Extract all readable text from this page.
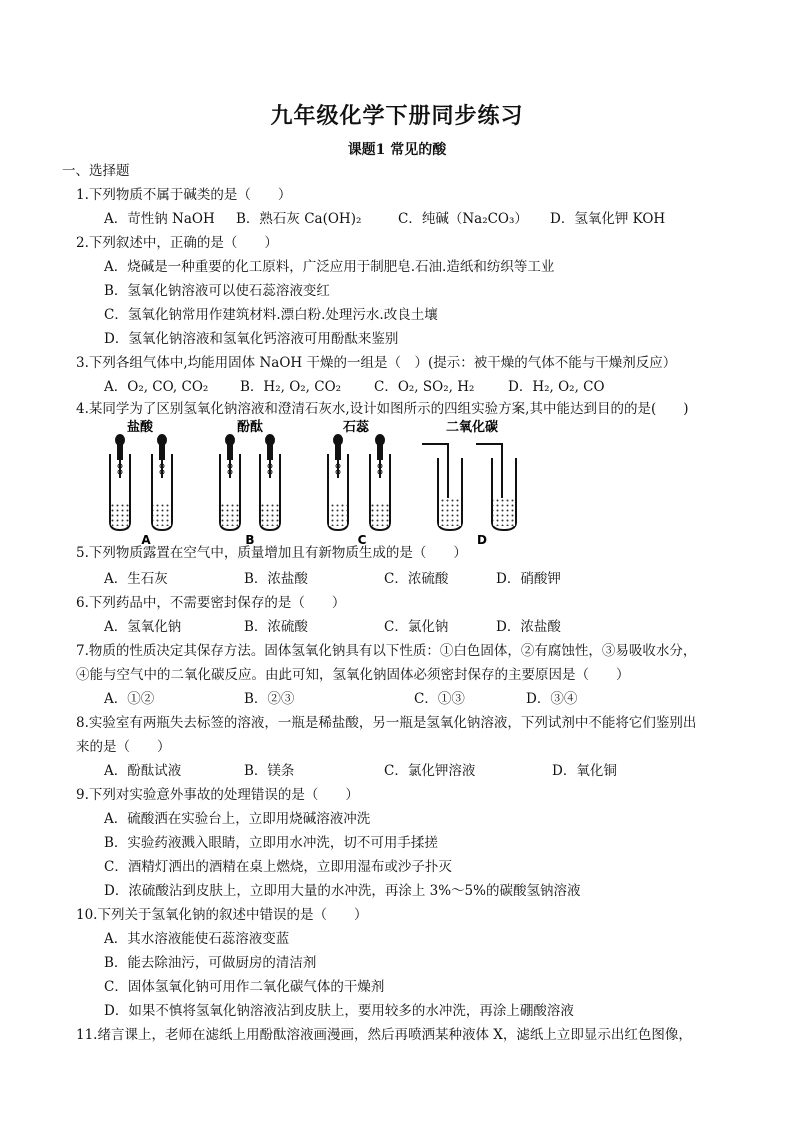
九年级化学下册同步练习
课题1 常见的酸
一、选择题
1.下列物质不属于碱类的是（　　）
A．苛性钠 NaOH B．熟石灰 Ca(OH)₂	C．纯碱（Na₂CO₃） D．氢氧化钾 KOH
2.下列叙述中，正确的是（　　）
A．烧碱是一种重要的化工原料，广泛应用于制肥皂.石油.造纸和纺织等工业
B．氢氧化钠溶液可以使石蕊溶液变红
C．氢氧化钠常用作建筑材料.漂白粉.处理污水.改良土壤
D．氢氧化钠溶液和氢氧化钙溶液可用酚酞来鉴别
3.下列各组气体中,均能用固体 NaOH 干燥的一组是（　）(提示：被干燥的气体不能与干燥剂反应）
A．O₂, CO, CO₂ B．H₂, O₂, CO₂ C．O₂, SO₂, H₂ D．H₂, O₂, CO
4.某同学为了区别氢氧化钠溶液和澄清石灰水,设计如图所示的四组实验方案,其中能达到目的的是(　　)
盐酸	酚酞	石蕊	二氧化碳
A	B	C	D
5.下列物质露置在空气中，质量增加且有新物质生成的是（　　）
A．生石灰	B．浓盐酸	C．浓硫酸	D．硝酸钾
6.下列药品中，不需要密封保存的是（　　）
A．氢氧化钠	B．浓硫酸	C．氯化钠	D．浓盐酸
7.物质的性质决定其保存方法。固体氢氧化钠具有以下性质：①白色固体，②有腐蚀性，③易吸收水分，
④能与空气中的二氧化碳反应。由此可知，氢氧化钠固体必须密封保存的主要原因是（　　）
A．①②	B．②③	C．①③	D．③④
8.实验室有两瓶失去标签的溶液，一瓶是稀盐酸，另一瓶是氢氧化钠溶液，下列试剂中不能将它们鉴别出
来的是（　　）
A．酚酞试液	B．镁条	C．氯化钾溶液	D．氧化铜
9.下列对实验意外事故的处理错误的是（　　）
A．硫酸洒在实验台上，立即用烧碱溶液冲洗
B．实验药液溅入眼睛，立即用水冲洗，切不可用手揉搓
C．酒精灯洒出的酒精在桌上燃烧，立即用湿布或沙子扑灭
D．浓硫酸沾到皮肤上，立即用大量的水冲洗，再涂上 3%～5%的碳酸氢钠溶液
10.下列关于氢氧化钠的叙述中错误的是（　　）
A．其水溶液能使石蕊溶液变蓝
B．能去除油污，可做厨房的清洁剂
C．固体氢氧化钠可用作二氧化碳气体的干燥剂
D．如果不慎将氢氧化钠溶液沾到皮肤上，要用较多的水冲洗，再涂上硼酸溶液
11.绪言课上，老师在滤纸上用酚酞溶液画漫画，然后再喷洒某种液体 X，滤纸上立即显示出红色图像，
